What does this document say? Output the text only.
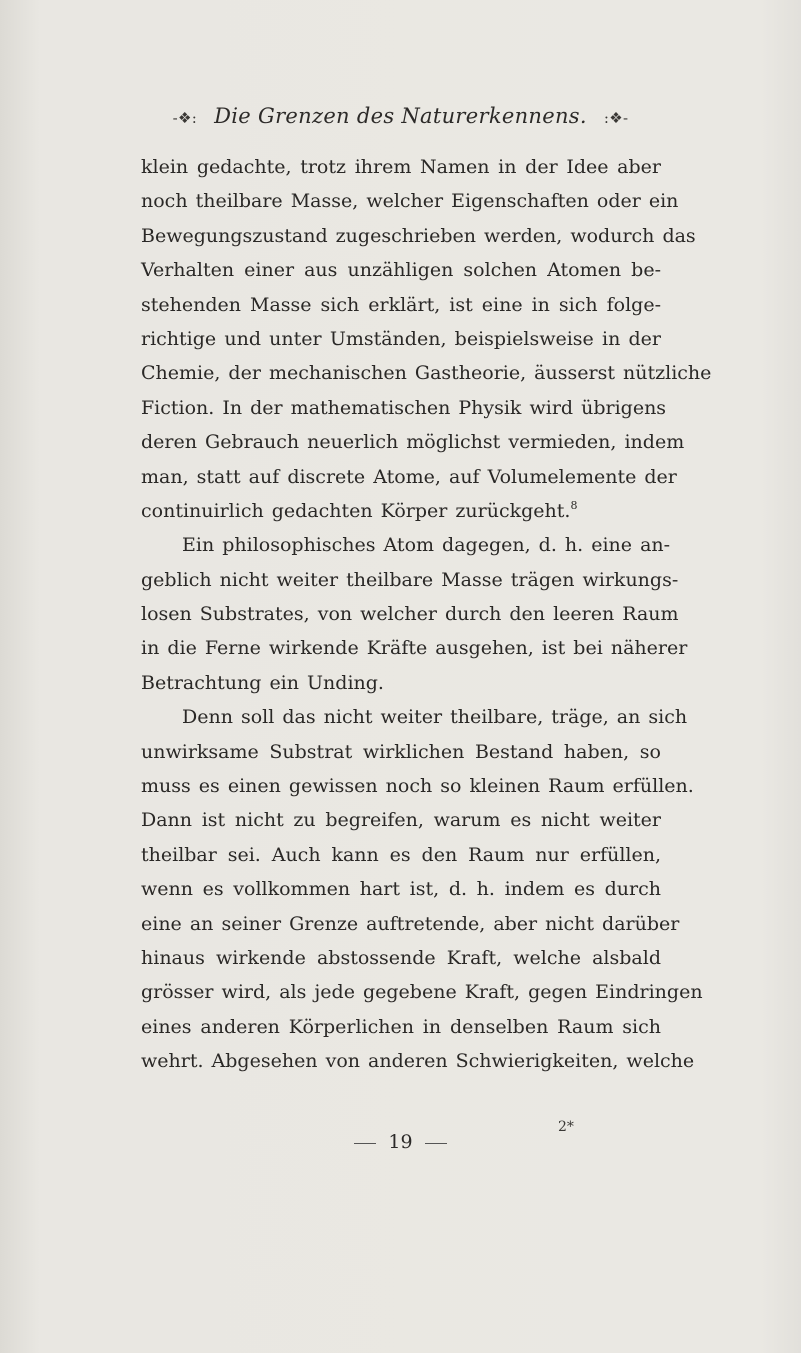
-❖: Die Grenzen des Naturerkennens. :❖-
klein gedachte, trotz ihrem Namen in der Idee aber
noch theilbare Masse, welcher Eigenschaften oder ein
Bewegungszustand zugeschrieben werden, wodurch das
Verhalten einer aus unzähligen solchen Atomen be-
stehenden Masse sich erklärt, ist eine in sich folge-
richtige und unter Umständen, beispielsweise in der
Chemie, der mechanischen Gastheorie, äusserst nützliche
Fiction. In der mathematischen Physik wird übrigens
deren Gebrauch neuerlich möglichst vermieden, indem
man, statt auf discrete Atome, auf Volumelemente der
continuirlich gedachten Körper zurückgeht.$^8$
Ein philosophisches Atom dagegen, d. h. eine an-
geblich nicht weiter theilbare Masse trägen wirkungs-
losen Substrates, von welcher durch den leeren Raum
in die Ferne wirkende Kräfte ausgehen, ist bei näherer
Betrachtung ein Unding.
Denn soll das nicht weiter theilbare, träge, an sich
unwirksame Substrat wirklichen Bestand haben, so
muss es einen gewissen noch so kleinen Raum erfüllen.
Dann ist nicht zu begreifen, warum es nicht weiter
theilbar sei. Auch kann es den Raum nur erfüllen,
wenn es vollkommen hart ist, d. h. indem es durch
eine an seiner Grenze auftretende, aber nicht darüber
hinaus wirkende abstossende Kraft, welche alsbald
grösser wird, als jede gegebene Kraft, gegen Eindringen
eines anderen Körperlichen in denselben Raum sich
wehrt. Abgesehen von anderen Schwierigkeiten, welche
2*
19
